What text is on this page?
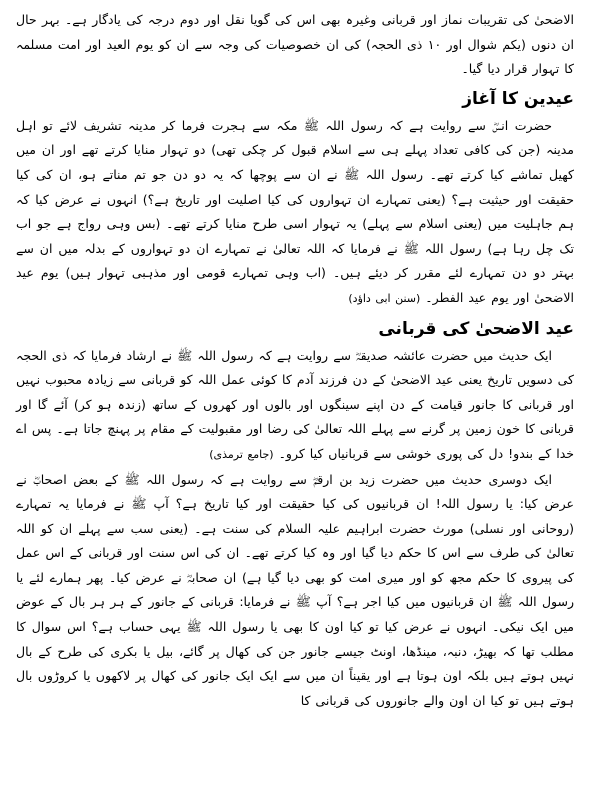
الاضحیٰ کی تقریبات نماز اور قربانی وغیرہ بھی اس کی گویا نقل اور دوم درجہ کی یادگار ہے۔ بہر حال ان دنوں (یکم شوال اور ۱۰ ذی الحجہ) کی ان خصوصیات کی وجہ سے ان کو یوم العید اور امت مسلمہ کا تہوار قرار دیا گیا۔

عیدین کا آغاز

حضرت انسؓ سے روایت ہے کہ رسول اللہ ﷺ مکہ سے ہجرت فرما کر مدینہ تشریف لائے تو اہل مدینہ (جن کی کافی تعداد پہلے ہی سے اسلام قبول کر چکی تھی) دو تہوار منایا کرتے تھے اور ان میں کھیل تماشے کیا کرتے تھے۔ رسول اللہ ﷺ نے ان سے پوچھا کہ یہ دو دن جو تم مناتے ہو، ان کی کیا حقیقت اور حیثیت ہے؟ (یعنی تمہارے ان تہواروں کی کیا اصلیت اور تاریخ ہے؟) انہوں نے عرض کیا کہ ہم جاہلیت میں (یعنی اسلام سے پہلے) یہ تہوار اسی طرح منایا کرتے تھے۔ (بس وہی رواج ہے جو اب تک چل رہا ہے) رسول اللہ ﷺ نے فرمایا کہ اللہ تعالیٰ نے تمہارے ان دو تہواروں کے بدلہ میں ان سے بہتر دو دن تمہارے لئے مقرر کر دیئے ہیں۔ (اب وہی تمہارے قومی اور مذہبی تہوار ہیں) یوم عید الاضحیٰ اور یوم عید الفطر۔ (سنن ابی داؤد)

عید الاضحیٰ کی قربانی

ایک حدیث میں حضرت عائشہ صدیقہؓ سے روایت ہے کہ رسول اللہ ﷺ نے ارشاد فرمایا کہ ذی الحجہ کی دسویں تاریخ یعنی عید الاضحیٰ کے دن فرزند آدم کا کوئی عمل اللہ کو قربانی سے زیادہ محبوب نہیں اور قربانی کا جانور قیامت کے دن اپنے سینگوں اور بالوں اور کھروں کے ساتھ (زندہ ہو کر) آئے گا اور قربانی کا خون زمین پر گرنے سے پہلے اللہ تعالیٰ کی رضا اور مقبولیت کے مقام پر پہنچ جاتا ہے۔ پس اے خدا کے بندو! دل کی پوری خوشی سے قربانیاں کیا کرو۔ (جامع ترمذی)

ایک دوسری حدیث میں حضرت زید بن ارقمؓ سے روایت ہے کہ رسول اللہ ﷺ کے بعض اصحابؓ نے عرض کیا: یا رسول اللہ! ان قربانیوں کی کیا حقیقت اور کیا تاریخ ہے؟ آپ ﷺ نے فرمایا یہ تمہارے (روحانی اور نسلی) مورث حضرت ابراہیم علیہ السلام کی سنت ہے۔ (یعنی سب سے پہلے ان کو اللہ تعالیٰ کی طرف سے اس کا حکم دیا گیا اور وہ کیا کرتے تھے۔ ان کی اس سنت اور قربانی کے اس عمل کی پیروی کا حکم مجھ کو اور میری امت کو بھی دیا گیا ہے) ان صحابہؓ نے عرض کیا۔ پھر ہمارے لئے یا رسول اللہ ﷺ ان قربانیوں میں کیا اجر ہے؟ آپ ﷺ نے فرمایا: قربانی کے جانور کے ہر ہر بال کے عوض میں ایک نیکی۔ انہوں نے عرض کیا تو کیا اون کا بھی یا رسول اللہ ﷺ یہی حساب ہے؟ اس سوال کا مطلب تھا کہ بھیڑ، دنبہ، مینڈھا، اونٹ جیسے جانور جن کی کھال پر گائے، بیل یا بکری کی طرح کے بال نہیں ہوتے ہیں بلکہ اون ہوتا ہے اور یقیناً ان میں سے ایک ایک جانور کی کھال پر لاکھوں یا کروڑوں بال ہوتے ہیں تو کیا ان اون والے جانوروں کی قربانی کا
